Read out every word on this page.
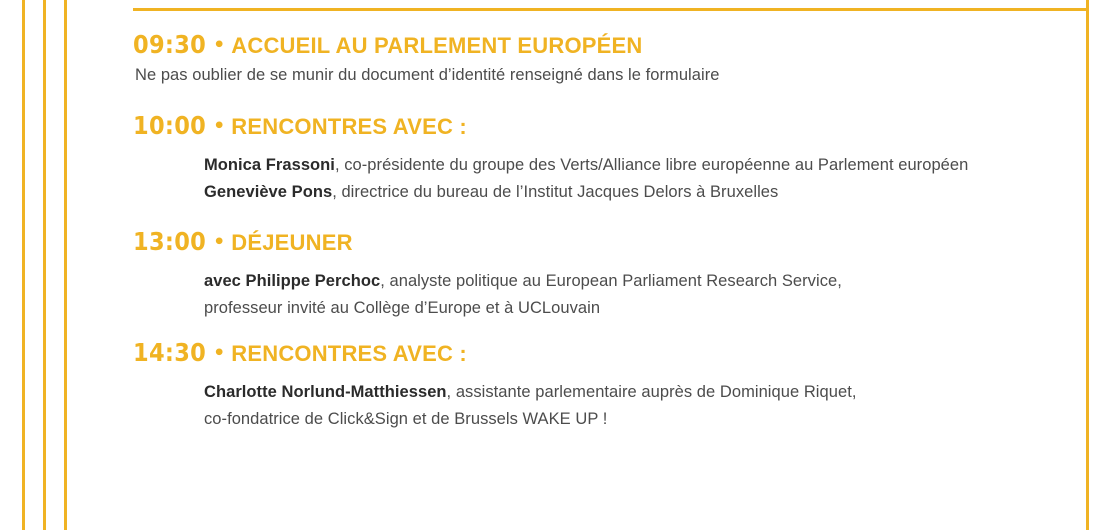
09:30 • ACCUEIL AU PARLEMENT EUROPÉEN
Ne pas oublier de se munir du document d’identité renseigné dans le formulaire
10:00 • RENCONTRES AVEC :
Monica Frassoni, co-présidente du groupe des Verts/Alliance libre européenne au Parlement européen
Geneviève Pons, directrice du bureau de l’Institut Jacques Delors à Bruxelles
13:00 • DÉJEUNER
avec Philippe Perchoc, analyste politique au European Parliament Research Service,
professeur invité au Collège d’Europe et à UCLouvain
14:30 • RENCONTRES AVEC :
Charlotte Norlund-Matthiessen, assistante parlementaire auprès de Dominique Riquet,
co-fondatrice de Click&Sign et de Brussels WAKE UP !
